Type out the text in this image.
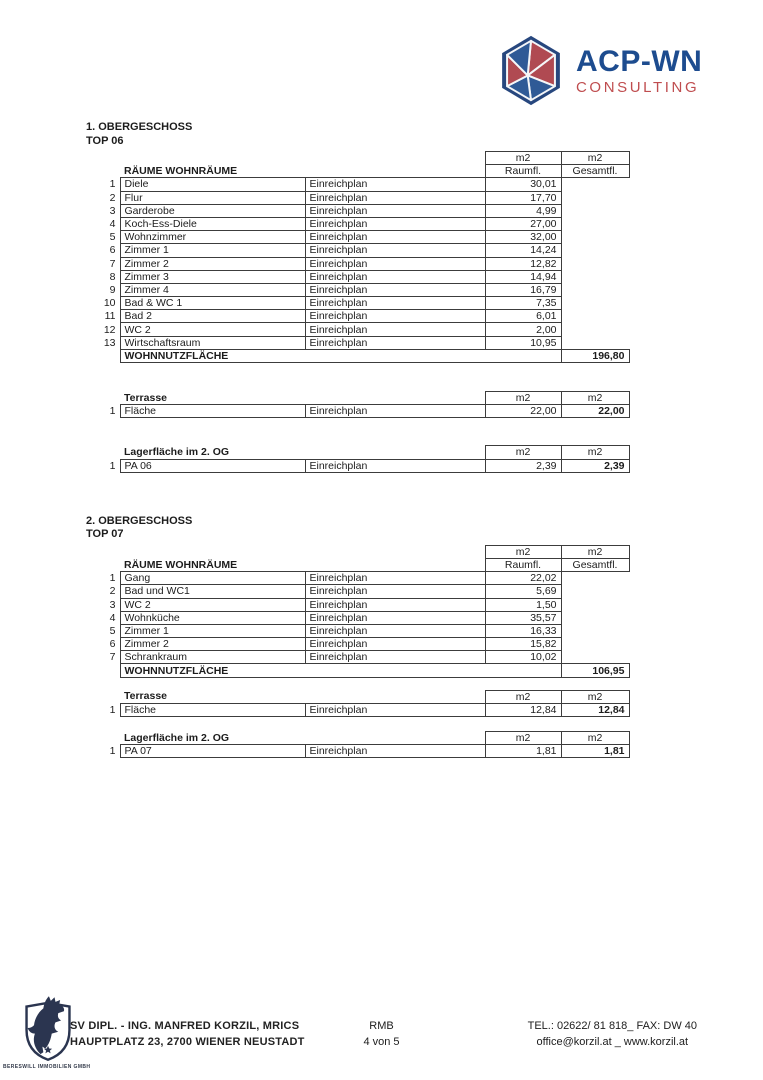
ACP-WN
CONSULTING
1. OBERGESCHOSS
TOP 06
			m2	m2
	RÄUME WOHNRÄUME		Raumfl.	Gesamtfl.
1	Diele	Einreichplan	30,01	
2	Flur	Einreichplan	17,70	
3	Garderobe	Einreichplan	4,99	
4	Koch-Ess-Diele	Einreichplan	27,00	
5	Wohnzimmer	Einreichplan	32,00	
6	Zimmer 1	Einreichplan	14,24	
7	Zimmer 2	Einreichplan	12,82	
8	Zimmer 3	Einreichplan	14,94	
9	Zimmer 4	Einreichplan	16,79	
10	Bad & WC 1	Einreichplan	7,35	
11	Bad 2	Einreichplan	6,01	
12	WC 2	Einreichplan	2,00	
13	Wirtschaftsraum	Einreichplan	10,95	
	WOHNNUTZFLÄCHE			196,80
	Terrasse		m2	m2
1	Fläche	Einreichplan	22,00	22,00
	Lagerfläche im 2. OG		m2	m2
1	PA 06	Einreichplan	2,39	2,39
2. OBERGESCHOSS
TOP 07
			m2	m2
	RÄUME WOHNRÄUME		Raumfl.	Gesamtfl.
1	Gang	Einreichplan	22,02	
2	Bad und WC1	Einreichplan	5,69	
3	WC 2	Einreichplan	1,50	
4	Wohnküche	Einreichplan	35,57	
5	Zimmer 1	Einreichplan	16,33	
6	Zimmer 2	Einreichplan	15,82	
7	Schrankraum	Einreichplan	10,02	
	WOHNNUTZFLÄCHE			106,95
	Terrasse		m2	m2
1	Fläche	Einreichplan	12,84	12,84
	Lagerfläche im 2. OG		m2	m2
1	PA 07	Einreichplan	1,81	1,81
SV DIPL. - ING. MANFRED KORZIL, MRICS
HAUPTPLATZ 23, 2700 WIENER NEUSTADT
RMB
4 von 5
TEL.: 02622/ 81 818_ FAX: DW 40
office@korzil.at _ www.korzil.at
BERESWILL IMMOBILIEN GMBH
